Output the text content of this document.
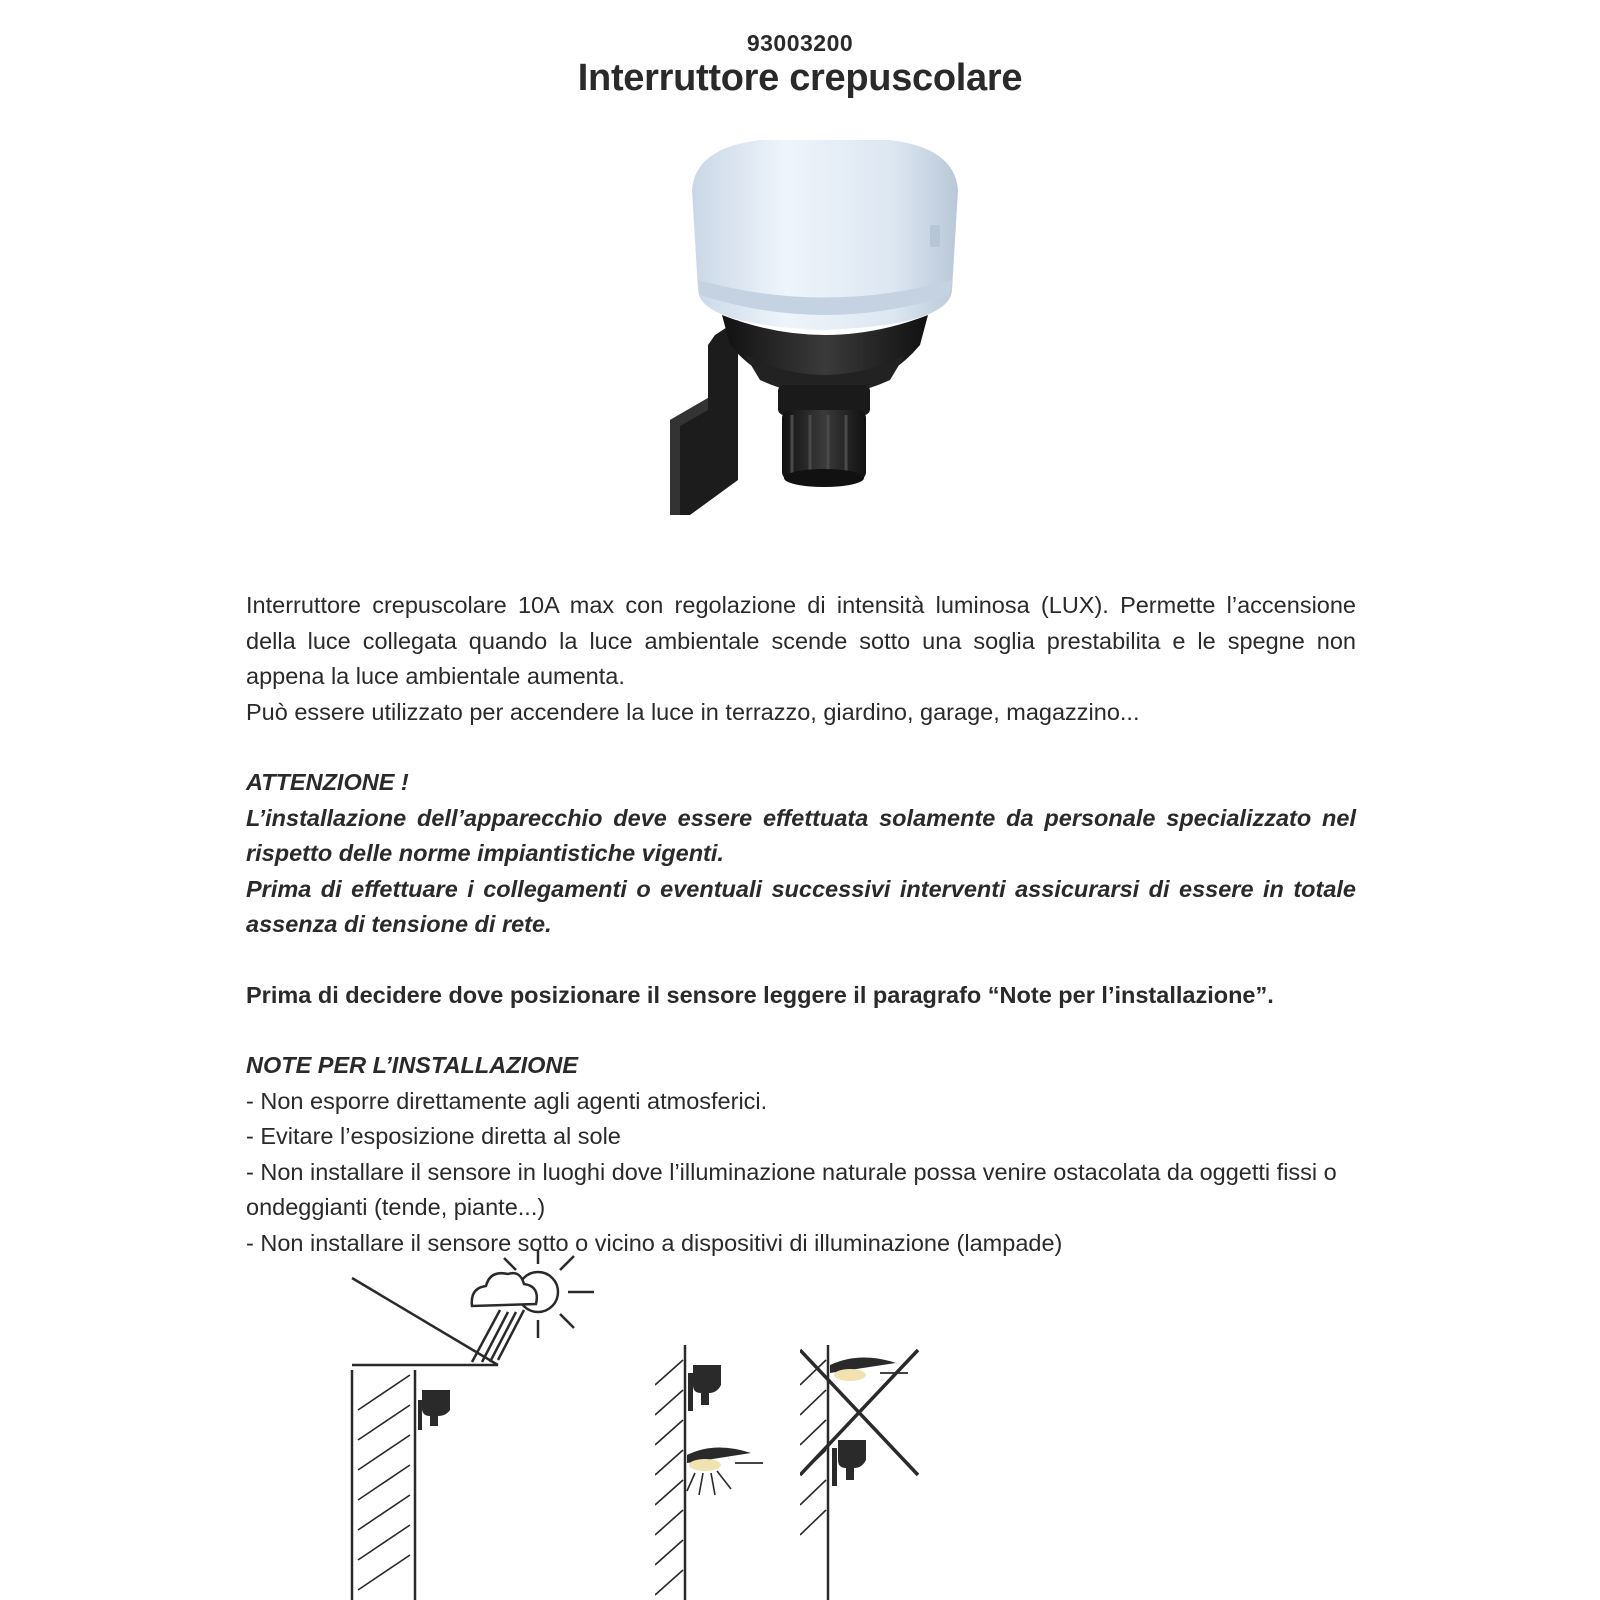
93003200
Interruttore crepuscolare

Interruttore crepuscolare 10A max con regolazione di intensità luminosa (LUX). Permette l’accensione della luce collegata quando la luce ambientale scende sotto una soglia prestabilita e le spegne non appena la luce ambientale aumenta.

Può essere utilizzato per accendere la luce in terrazzo, giardino, garage, magazzino...

ATTENZIONE !

L’installazione dell’apparecchio deve essere effettuata solamente da personale specializzato nel rispetto delle norme impiantistiche vigenti.

Prima di effettuare i collegamenti o eventuali successivi interventi assicurarsi di essere in totale assenza di tensione di rete.

Prima di decidere dove posizionare il sensore leggere il paragrafo “Note per l’installazione”.

NOTE PER L’INSTALLAZIONE

- Non esporre direttamente agli agenti atmosferici.

- Evitare l’esposizione diretta al sole

- Non installare il sensore in luoghi dove l’illuminazione naturale possa venire ostacolata da oggetti fissi o ondeggianti (tende, piante...)

- Non installare il sensore sotto o vicino a dispositivi di illuminazione (lampade)
